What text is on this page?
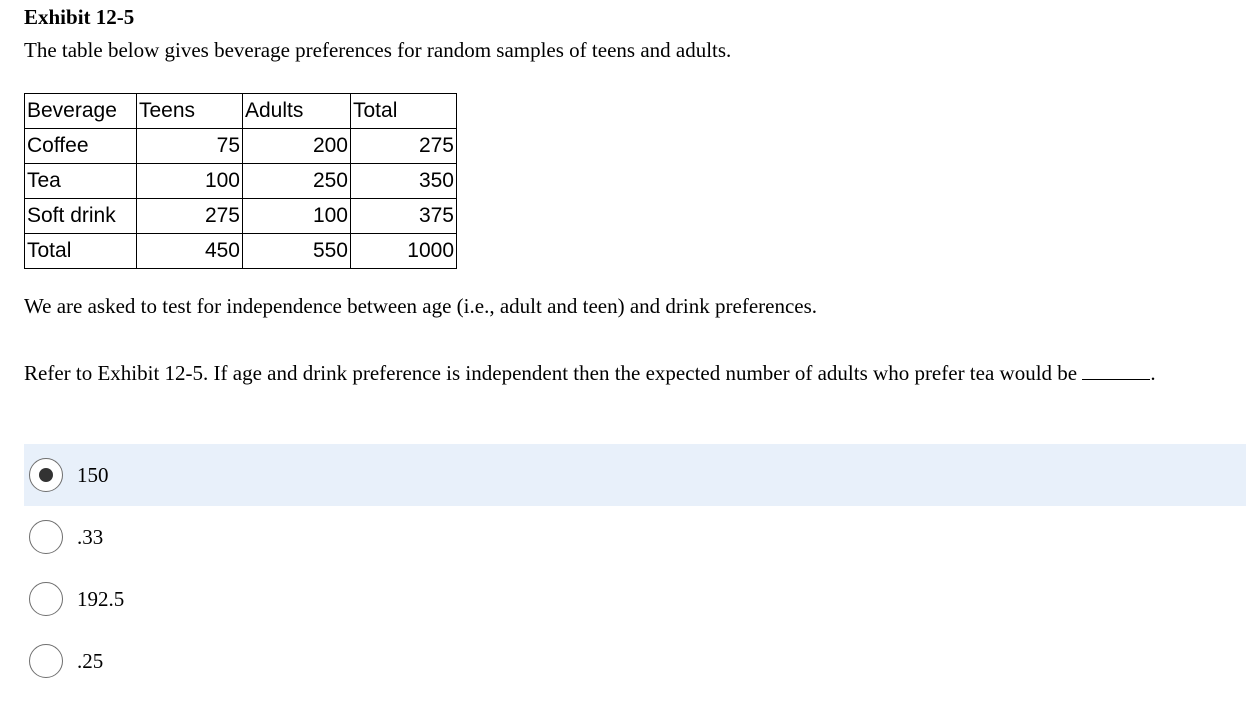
Exhibit 12-5
The table below gives beverage preferences for random samples of teens and adults.
Beverage	Teens	Adults	Total
Coffee	75	200	275
Tea	100	250	350
Soft drink	275	100	375
Total	450	550	1000
We are asked to test for independence between age (i.e., adult and teen) and drink preferences.
Refer to Exhibit 12-5. If age and drink preference is independent then the expected number of adults who prefer tea would be	.
150
.33
192.5
.25
